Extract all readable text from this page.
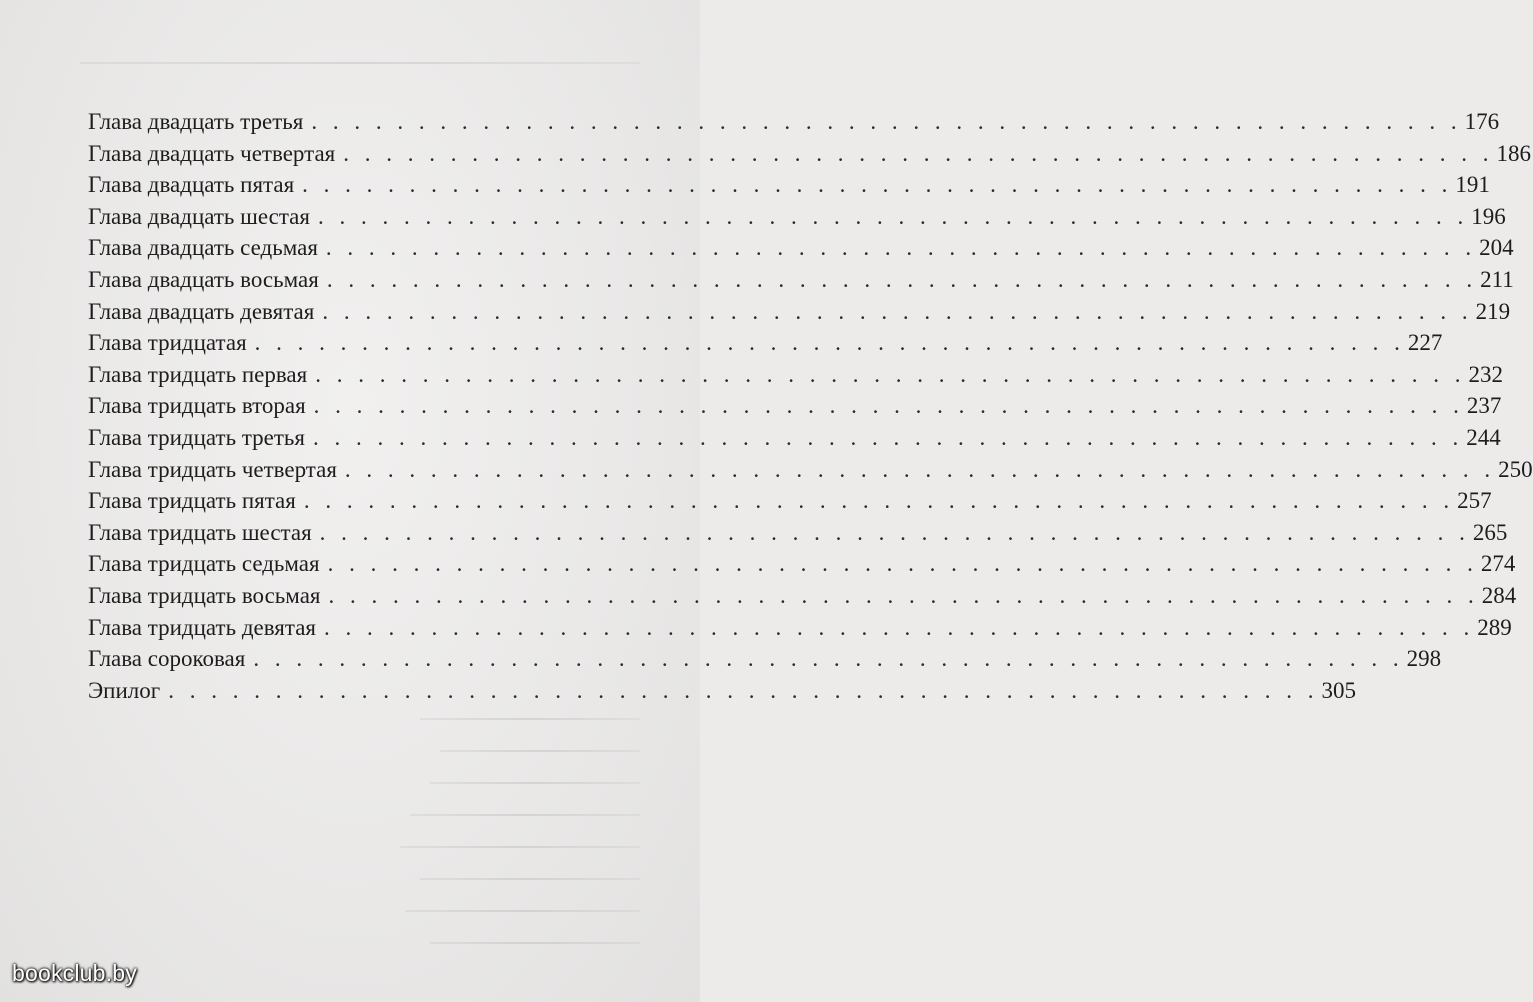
Глава двадцать третья . . . . . . . . . . . . . . . . . . . . . . . . . . . . . . . . . . . . . . . . . . . . . . . . . . . . . . 176
Глава двадцать четвертая . . . . . . . . . . . . . . . . . . . . . . . . . . . . . . . . . . . . . . . . . . . . . . . . . . . . . . 186
Глава двадцать пятая . . . . . . . . . . . . . . . . . . . . . . . . . . . . . . . . . . . . . . . . . . . . . . . . . . . . . . 191
Глава двадцать шестая . . . . . . . . . . . . . . . . . . . . . . . . . . . . . . . . . . . . . . . . . . . . . . . . . . . . . . 196
Глава двадцать седьмая . . . . . . . . . . . . . . . . . . . . . . . . . . . . . . . . . . . . . . . . . . . . . . . . . . . . . . 204
Глава двадцать восьмая . . . . . . . . . . . . . . . . . . . . . . . . . . . . . . . . . . . . . . . . . . . . . . . . . . . . . . 211
Глава двадцать девятая . . . . . . . . . . . . . . . . . . . . . . . . . . . . . . . . . . . . . . . . . . . . . . . . . . . . . . 219
Глава тридцатая . . . . . . . . . . . . . . . . . . . . . . . . . . . . . . . . . . . . . . . . . . . . . . . . . . . . . . 227
Глава тридцать первая . . . . . . . . . . . . . . . . . . . . . . . . . . . . . . . . . . . . . . . . . . . . . . . . . . . . . . 232
Глава тридцать вторая . . . . . . . . . . . . . . . . . . . . . . . . . . . . . . . . . . . . . . . . . . . . . . . . . . . . . . 237
Глава тридцать третья . . . . . . . . . . . . . . . . . . . . . . . . . . . . . . . . . . . . . . . . . . . . . . . . . . . . . . 244
Глава тридцать четвертая . . . . . . . . . . . . . . . . . . . . . . . . . . . . . . . . . . . . . . . . . . . . . . . . . . . . . . 250
Глава тридцать пятая . . . . . . . . . . . . . . . . . . . . . . . . . . . . . . . . . . . . . . . . . . . . . . . . . . . . . . 257
Глава тридцать шестая . . . . . . . . . . . . . . . . . . . . . . . . . . . . . . . . . . . . . . . . . . . . . . . . . . . . . . 265
Глава тридцать седьмая . . . . . . . . . . . . . . . . . . . . . . . . . . . . . . . . . . . . . . . . . . . . . . . . . . . . . . 274
Глава тридцать восьмая . . . . . . . . . . . . . . . . . . . . . . . . . . . . . . . . . . . . . . . . . . . . . . . . . . . . . . 284
Глава тридцать девятая . . . . . . . . . . . . . . . . . . . . . . . . . . . . . . . . . . . . . . . . . . . . . . . . . . . . . . 289
Глава сороковая . . . . . . . . . . . . . . . . . . . . . . . . . . . . . . . . . . . . . . . . . . . . . . . . . . . . . . 298
Эпилог . . . . . . . . . . . . . . . . . . . . . . . . . . . . . . . . . . . . . . . . . . . . . . . . . . . . . . 305
bookclub.by
